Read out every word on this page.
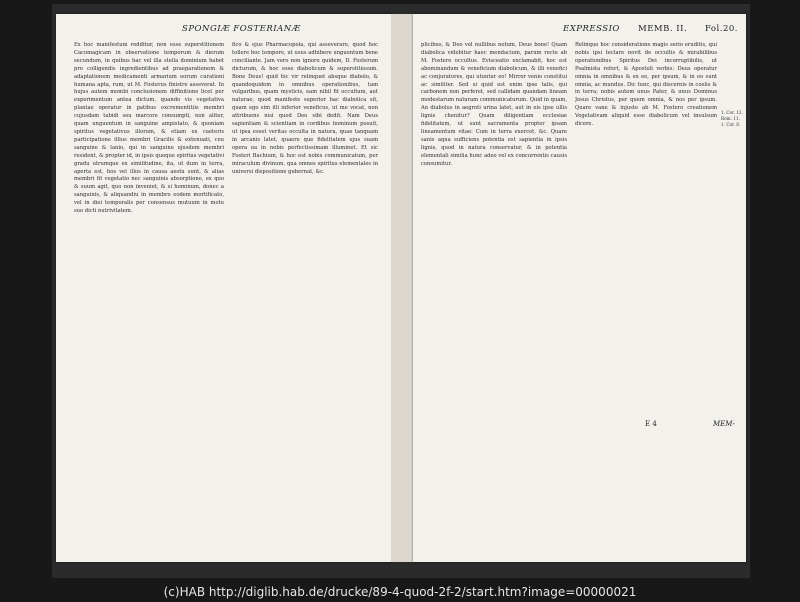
SPONGIÆ FOSTERIANÆ
Ex hoc manifestum redditur, non esse superstitionem Cacomagicam in observatione temporum & dierum secundum, in quibus hac vel illa stella dominium habet pro colligendis ingredientibus ad praeparationem & adaptationem medicamenti armarium eorum curationi humana apta, rum, ut M. Fosterus finistre asseverat. In hujus autem mombi conclusionem diffinitione licet per experimentum antea dictum, quando vis vegetativa plantae operatur in patibus excrementitiis membri cujusdam tabidi seu marcore consumpti, non aliter, quam unguentum in sanguine ampistato, & quoniam spiritus vegetativus illorum, & etiam ex caeteris participatione illius membri Gracilis & extenuati, ceu sanguine & lanio, qui in sanguine ejusdem membri resident, & propter id, in ipsis quoque spiritus vegetativi gradu utrumque ex similitudine, ita, ut dum in terra, aperta est, hos vel illos in causa aestu sunt, & alias membri fit vegetatio nec sanguinis absorptione, ex quo & suum agit, quo non inveniet, & si hominum, donec a sanguinis, & aliquandiu in membro eodem mortificato, vel in diei temporalis per consensus mutuum in motu suo dicti nutrivitatem.
fico & ejus Pharmacopola, qui asseverare, quod hoc tollere hoc tempore, ut usus adhibere unguentum bene conciliante. Jam vero non ignoro quidem, D. Fosterum dicturum, & hoc esse diabolicum & superstitiosum. Bone Deus! quid hic vir relinquet absque diabolo, & quandoquidem in omnibus operationibus, tam vulgaribus, quam mysticis, eam nihil fit occultum, aut naturae, quod manifeste superior hac diabolica sit, quam ego sim illi inferior veneficus, ut me vocat, non attribuens nisi quod Deo sibi dedit. Nam Deus sapientiam & scientiam in cordibus hominum posuit, ut ipsa esset veritas occulta in natura, quae tanquam in arcanis latet, quaere que fidelitatem ejus suam opera ea in nobis perfectissimam illuminet. Et sic Fosteri Bachium, & hoc est nobis communicatum, per miraculum divinum, qua omnes spiritus elementales in universi dispositione gubernat, &c.
EXPRESSIO MEMB. II. Fol.20.
plicibus, & Deo vel nullibus notum, Deus bone! Quam diabolica videbitur haec mendacium, parum recte ab M. Fostero occultus. Evisceatio exclamabit, hoc est abominandum & veneficium diabolicum, & illi venefici ac conjuratores, qui utuntur eo! Mirror venio constitui ac similiter. Sed si quid est enim ipse talis, qui carbonem non perferet, sed callidam quandam lineam modestarum naturam communicaturum. Quid in quam, An diabolus in aegroti urina latet, aut in eis ipse ullis lignis chenitur? Quam diligentiam ecclesiae fidelitatem, ut sunt sacramenta propter ipsam lineamentum vitae: Cum in terra exercet, &c. Quare sanis aqua sufficiens potentia est sapientia in ipsis lignis, quod in natura conservatur, & in potentia elementali similia hunc adeo vel ex concurrentis causis consumitur.
Relinquo hoc consideratione magis serio eruditis, qui nobis ipsi teclare novit de occultis & mirabilibus operationibus Spiritus Dei incorruptibilis, ut Psalmista refert, & Apostoli verbis: Deus operatur omnia in omnibus & ex eo, per ipsum, & in eo sunt omnia, ac mundus. Dic tunc, qui discernis in coelis & in terra; nobis autem unus Pater, & unus Dominus Jesus Christus, per quem omnia, & nos per ipsum. Quare vane & injuste ab M. Fostero creationem Vegetativam aliquid esse diabolicum vel insulsum dicere.
1. Cor. 12. Rom. 11. 1. Cor. 8.
E 4	MEM-
(c)HAB http://diglib.hab.de/drucke/89-4-quod-2f-2/start.htm?image=00000021
